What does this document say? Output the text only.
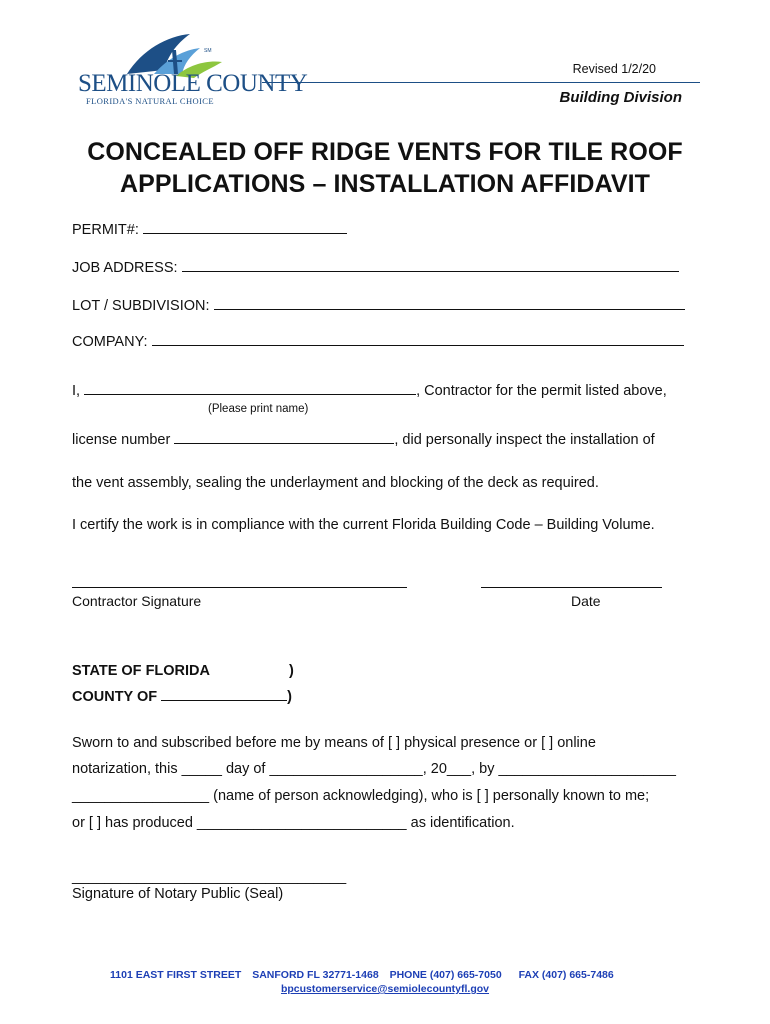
SM
SEMINOLE COUNTY
FLORIDA'S NATURAL CHOICE
Revised 1/2/20
Building Division
CONCEALED OFF RIDGE VENTS FOR TILE ROOF
APPLICATIONS – INSTALLATION AFFIDAVIT
PERMIT#:
JOB ADDRESS:
LOT / SUBDIVISION:
COMPANY:
I,	, Contractor for the permit listed above,
(Please print name)
license number	, did personally inspect the installation of
the vent assembly, sealing the underlayment and blocking of the deck as required.
I certify the work is in compliance with the current Florida Building Code – Building Volume.
Contractor Signature	Date
STATE OF FLORIDA	)
COUNTY OF	)
Sworn to and subscribed before me by means of [ ] physical presence or [ ] online
notarization, this _____ day of ___________________, 20___, by ______________________
_________________ (name of person acknowledging), who is [ ] personally known to me;
or [ ] has produced __________________________ as identification.
__________________________________
Signature of Notary Public (Seal)
1101 EAST FIRST STREET SANFORD FL 32771-1468 PHONE (407) 665-7050 FAX (407) 665-7486
bpcustomerservice@semiolecountyfl.gov
